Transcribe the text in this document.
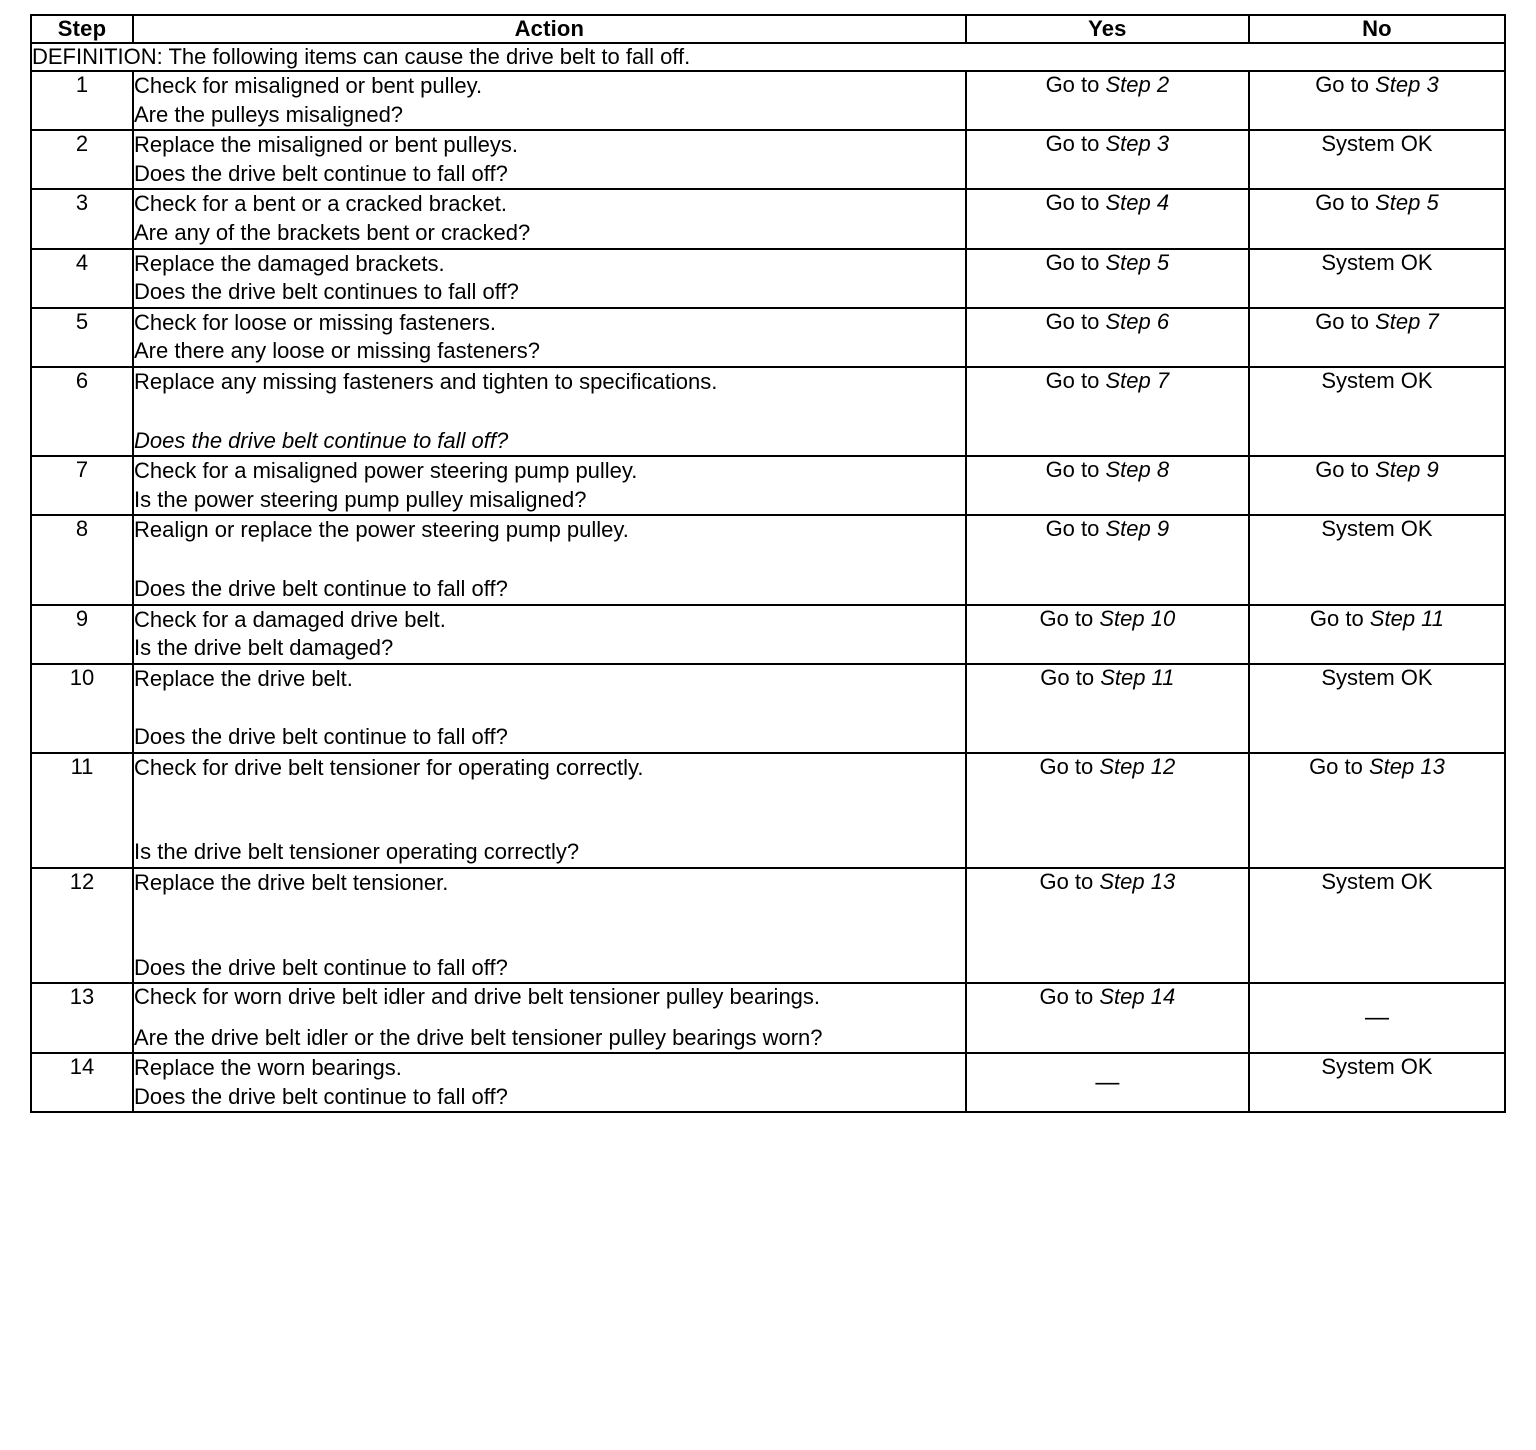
Step	Action	Yes	No
DEFINITION: The following items can cause the drive belt to fall off.			
1	Check for misaligned or bent pulley.
Are the pulleys misaligned?	Go to Step 2	Go to Step 3
2	Replace the misaligned or bent pulleys.
Does the drive belt continue to fall off?	Go to Step 3	System OK
3	Check for a bent or a cracked bracket.
Are any of the brackets bent or cracked?	Go to Step 4	Go to Step 5
4	Replace the damaged brackets.
Does the drive belt continues to fall off?	Go to Step 5	System OK
5	Check for loose or missing fasteners.
Are there any loose or missing fasteners?	Go to Step 6	Go to Step 7
6	Replace any missing fasteners and tighten to specifications.
Does the drive belt continue to fall off?	Go to Step 7	System OK
7	Check for a misaligned power steering pump pulley.
Is the power steering pump pulley misaligned?	Go to Step 8	Go to Step 9
8	Realign or replace the power steering pump pulley.
Does the drive belt continue to fall off?	Go to Step 9	System OK
9	Check for a damaged drive belt.
Is the drive belt damaged?	Go to Step 10	Go to Step 11
10	Replace the drive belt.
Does the drive belt continue to fall off?	Go to Step 11	System OK
11	Check for drive belt tensioner for operating correctly.
Is the drive belt tensioner operating correctly?	Go to Step 12	Go to Step 13
12	Replace the drive belt tensioner.
Does the drive belt continue to fall off?	Go to Step 13	System OK
13	Check for worn drive belt idler and drive belt tensioner pulley bearings.
Are the drive belt idler or the drive belt tensioner pulley bearings worn?	Go to Step 14	—
14	Replace the worn bearings.
Does the drive belt continue to fall off?	—	System OK
